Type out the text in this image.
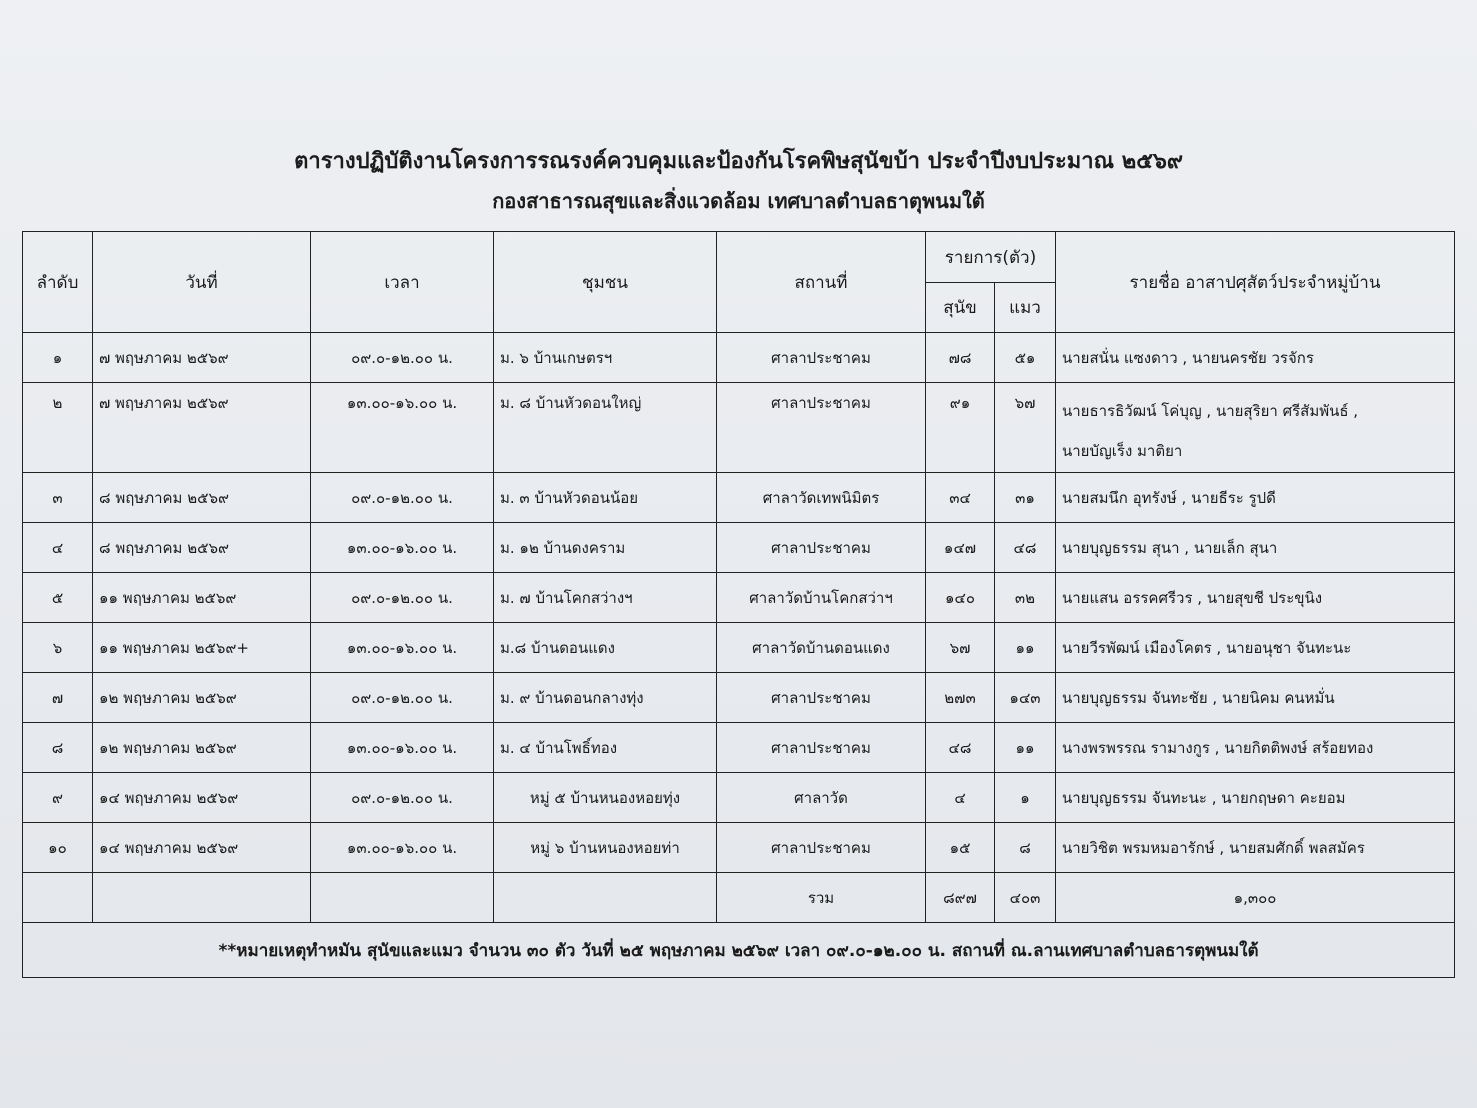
ตารางปฏิบัติงานโครงการรณรงค์ควบคุมและป้องกันโรคพิษสุนัขบ้า ประจำปีงบประมาณ ๒๕๖๙
กองสาธารณสุขและสิ่งแวดล้อม เทศบาลตำบลธาตุพนมใต้
ลำดับ	วันที่	เวลา	ชุมชน	สถานที่	รายการ(ตัว)		รายชื่อ อาสาปศุสัตว์ประจำหมู่บ้าน
					สุนัข	แมว	
๑	๗ พฤษภาคม ๒๕๖๙	๐๙.๐-๑๒.๐๐ น.	ม. ๖ บ้านเกษตรฯ	ศาลาประชาคม	๗๘	๕๑	นายสนั่น แซงดาว , นายนครชัย วรจักร
๒	๗ พฤษภาคม ๒๕๖๙	๑๓.๐๐-๑๖.๐๐ น.	ม. ๘ บ้านหัวดอนใหญ่	ศาลาประชาคม	๙๑	๖๗	นายธารธิวัฒน์ โค่บุญ , นายสุริยา ศรีสัมพันธ์ ,
นายบัญเร็ง มาติยา

๓	๘ พฤษภาคม ๒๕๖๙	๐๙.๐-๑๒.๐๐ น.	ม. ๓ บ้านหัวดอนน้อย	ศาลาวัดเทพนิมิตร	๓๔	๓๑	นายสมนึก อุทรังษ์ , นายธีระ รูปดี
๔	๘ พฤษภาคม ๒๕๖๙	๑๓.๐๐-๑๖.๐๐ น.	ม. ๑๒ บ้านดงคราม	ศาลาประชาคม	๑๔๗	๔๘	นายบุญธรรม สุนา , นายเล็ก สุนา
๕	๑๑ พฤษภาคม ๒๕๖๙	๐๙.๐-๑๒.๐๐ น.	ม. ๗ บ้านโคกสว่างฯ	ศาลาวัดบ้านโคกสว่าฯ	๑๔๐	๓๒	นายแสน อรรคศรีวร , นายสุขชี ประขุนิง
๖	๑๑ พฤษภาคม ๒๕๖๙+	๑๓.๐๐-๑๖.๐๐ น.	ม.๘ บ้านดอนแดง	ศาลาวัดบ้านดอนแดง	๖๗	๑๑	นายวีรพัฒน์ เมืองโคตร , นายอนุชา จันทะนะ
๗	๑๒ พฤษภาคม ๒๕๖๙	๐๙.๐-๑๒.๐๐ น.	ม. ๙ บ้านดอนกลางทุ่ง	ศาลาประชาคม	๒๗๓	๑๔๓	นายบุญธรรม จันทะชัย , นายนิคม คนหมั่น
๘	๑๒ พฤษภาคม ๒๕๖๙	๑๓.๐๐-๑๖.๐๐ น.	ม. ๔ บ้านโพธิ์ทอง	ศาลาประชาคม	๔๘	๑๑	นางพรพรรณ รามางกูร , นายกิตติพงษ์ สร้อยทอง
๙	๑๔ พฤษภาคม ๒๕๖๙	๐๙.๐-๑๒.๐๐ น.	หมู่ ๕ บ้านหนองหอยทุ่ง	ศาลาวัด	๔	๑	นายบุญธรรม จันทะนะ , นายกฤษดา คะยอม
๑๐	๑๔ พฤษภาคม ๒๕๖๙	๑๓.๐๐-๑๖.๐๐ น.	หมู่ ๖ บ้านหนองหอยท่า	ศาลาประชาคม	๑๕	๘	นายวิชิต พรมหมอารักษ์ , นายสมศักดิ์ พลสมัคร
				รวม	๘๙๗	๔๐๓	๑,๓๐๐
**หมายเหตุทำหมัน สุนัขและแมว จำนวน ๓๐ ตัว วันที่ ๒๕ พฤษภาคม ๒๕๖๙ เวลา ๐๙.๐-๑๒.๐๐ น. สถานที่ ณ.ลานเทศบาลตำบลธารตุพนมใต้							
